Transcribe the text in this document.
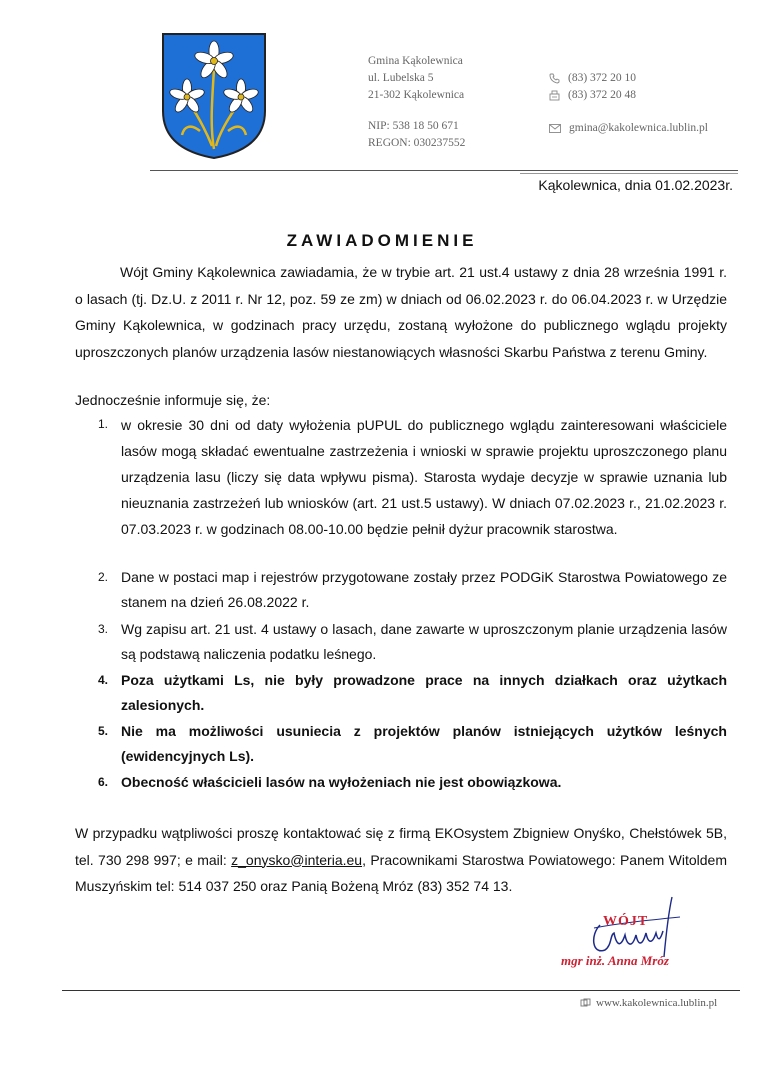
Gmina Kąkolewnica
ul. Lubelska 5
21-302 Kąkolewnica
NIP: 538 18 50 671
REGON: 030237552
(83) 372 20 10
(83) 372 20 48
gmina@kakolewnica.lublin.pl
Kąkolewnica, dnia 01.02.2023r.
ZAWIADOMIENIE
Wójt Gminy Kąkolewnica zawiadamia, że w trybie art. 21 ust.4 ustawy z dnia 28 września 1991 r. o lasach (tj. Dz.U. z 2011 r. Nr 12, poz. 59 ze zm) w dniach od 06.02.2023 r. do 06.04.2023 r. w Urzędzie Gminy Kąkolewnica, w godzinach pracy urzędu, zostaną wyłożone do publicznego wglądu projekty uproszczonych planów urządzenia lasów niestanowiących własności Skarbu Państwa z terenu Gminy.
Jednocześnie informuje się, że:
1. w okresie 30 dni od daty wyłożenia pUPUL do publicznego wglądu zainteresowani właściciele lasów mogą składać ewentualne zastrzeżenia i wnioski w sprawie projektu uproszczonego planu urządzenia lasu (liczy się data wpływu pisma). Starosta wydaje decyzje w sprawie uznania lub nieuznania zastrzeżeń lub wniosków (art. 21 ust.5 ustawy). W dniach 07.02.2023 r., 21.02.2023 r. 07.03.2023 r. w godzinach 08.00-10.00 będzie pełnił dyżur pracownik starostwa.
2. Dane w postaci map i rejestrów przygotowane zostały przez PODGiK Starostwa Powiatowego ze stanem na dzień 26.08.2022 r.
3. Wg zapisu art. 21 ust. 4 ustawy o lasach, dane zawarte w uproszczonym planie urządzenia lasów są podstawą naliczenia podatku leśnego.
4. Poza użytkami Ls, nie były prowadzone prace na innych działkach oraz użytkach zalesionych.
5. Nie ma możliwości usuniecia z projektów planów istniejących użytków leśnych (ewidencyjnych Ls).
6. Obecność właścicieli lasów na wyłożeniach nie jest obowiązkowa.
W przypadku wątpliwości proszę kontaktować się z firmą EKOsystem Zbigniew Onyśko, Chełstówek 5B, tel. 730 298 997; e mail: z_onysko@interia.eu, Pracownikami Starostwa Powiatowego: Panem Witoldem Muszyńskim tel: 514 037 250 oraz Panią Bożeną Mróz (83) 352 74 13.
WÓJT
mgr inż. Anna Mróz
www.kakolewnica.lublin.pl
